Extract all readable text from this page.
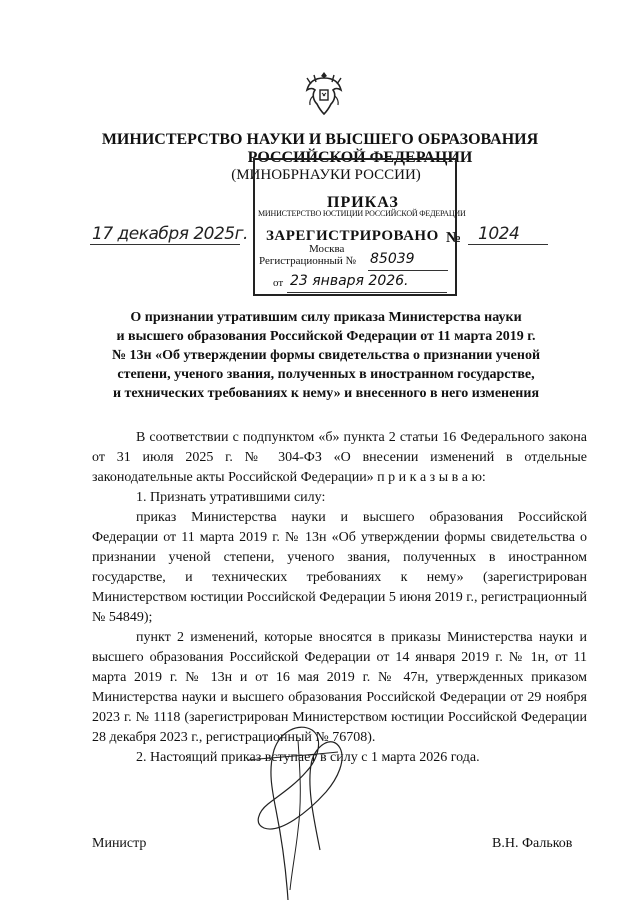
МИНИСТЕРСТВО НАУКИ И ВЫСШЕГО ОБРАЗОВАНИЯ
РОССИЙСКОЙ ФЕДЕРАЦИИ
(МИНОБРНАУКИ РОССИИ)
ПРИКАЗ
МИНИСТЕРСТВО ЮСТИЦИИ РОССИЙСКОЙ ФЕДЕРАЦИИ
ЗАРЕГИСТРИРОВАНО
Москва
Регистрационный № 85039
от 23 января 2026.
17 декабря 2025г.	№ 1024
О признании утратившим силу приказа Министерства науки
и высшего образования Российской Федерации от 11 марта 2019 г.
№ 13н «Об утверждении формы свидетельства о признании ученой
степени, ученого звания, полученных в иностранном государстве,
и технических требованиях к нему» и внесенного в него изменения
В соответствии с подпунктом «б» пункта 2 статьи 16 Федерального закона от 31 июля 2025 г. № 304-ФЗ «О внесении изменений в отдельные законодательные акты Российской Федерации» п р и к а з ы в а ю:
1. Признать утратившими силу:
приказ Министерства науки и высшего образования Российской Федерации от 11 марта 2019 г. № 13н «Об утверждении формы свидетельства о признании ученой степени, ученого звания, полученных в иностранном государстве, и технических требованиях к нему» (зарегистрирован Министерством юстиции Российской Федерации 5 июня 2019 г., регистрационный № 54849);
пункт 2 изменений, которые вносятся в приказы Министерства науки и высшего образования Российской Федерации от 14 января 2019 г. № 1н, от 11 марта 2019 г. № 13н и от 16 мая 2019 г. № 47н, утвержденных приказом Министерства науки и высшего образования Российской Федерации от 29 ноября 2023 г. № 1118 (зарегистрирован Министерством юстиции Российской Федерации 28 декабря 2023 г., регистрационный № 76708).
2. Настоящий приказ вступает в силу с 1 марта 2026 года.
Министр	В.Н. Фальков
